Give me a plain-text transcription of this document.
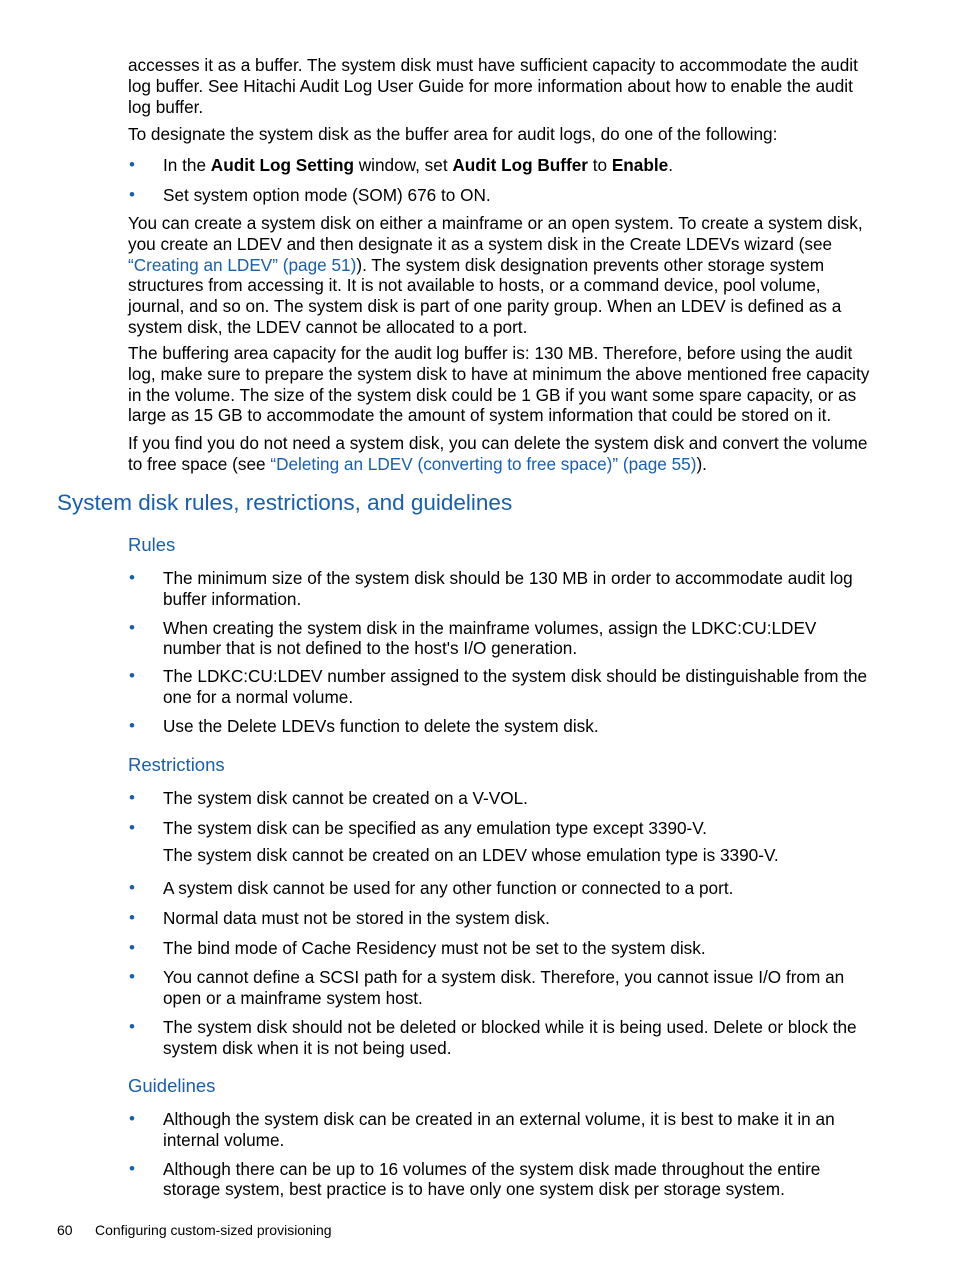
accesses it as a buffer. The system disk must have sufficient capacity to accommodate the audit log buffer. See Hitachi Audit Log User Guide for more information about how to enable the audit log buffer.
To designate the system disk as the buffer area for audit logs, do one of the following:
• In the Audit Log Setting window, set Audit Log Buffer to Enable.
• Set system option mode (SOM) 676 to ON.
You can create a system disk on either a mainframe or an open system. To create a system disk, you create an LDEV and then designate it as a system disk in the Create LDEVs wizard (see “Creating an LDEV” (page 51)). The system disk designation prevents other storage system structures from accessing it. It is not available to hosts, or a command device, pool volume, journal, and so on. The system disk is part of one parity group. When an LDEV is defined as a system disk, the LDEV cannot be allocated to a port.
The buffering area capacity for the audit log buffer is: 130 MB. Therefore, before using the audit log, make sure to prepare the system disk to have at minimum the above mentioned free capacity in the volume. The size of the system disk could be 1 GB if you want some spare capacity, or as large as 15 GB to accommodate the amount of system information that could be stored on it.
If you find you do not need a system disk, you can delete the system disk and convert the volume to free space (see “Deleting an LDEV (converting to free space)” (page 55)).
System disk rules, restrictions, and guidelines
Rules
• The minimum size of the system disk should be 130 MB in order to accommodate audit log buffer information.
• When creating the system disk in the mainframe volumes, assign the LDKC:CU:LDEV number that is not defined to the host's I/O generation.
• The LDKC:CU:LDEV number assigned to the system disk should be distinguishable from the one for a normal volume.
• Use the Delete LDEVs function to delete the system disk.
Restrictions
• The system disk cannot be created on a V-VOL.
• The system disk can be specified as any emulation type except 3390-V.
The system disk cannot be created on an LDEV whose emulation type is 3390-V.
• A system disk cannot be used for any other function or connected to a port.
• Normal data must not be stored in the system disk.
• The bind mode of Cache Residency must not be set to the system disk.
• You cannot define a SCSI path for a system disk. Therefore, you cannot issue I/O from an open or a mainframe system host.
• The system disk should not be deleted or blocked while it is being used. Delete or block the system disk when it is not being used.
Guidelines
• Although the system disk can be created in an external volume, it is best to make it in an internal volume.
• Although there can be up to 16 volumes of the system disk made throughout the entire storage system, best practice is to have only one system disk per storage system.
60 Configuring custom-sized provisioning
